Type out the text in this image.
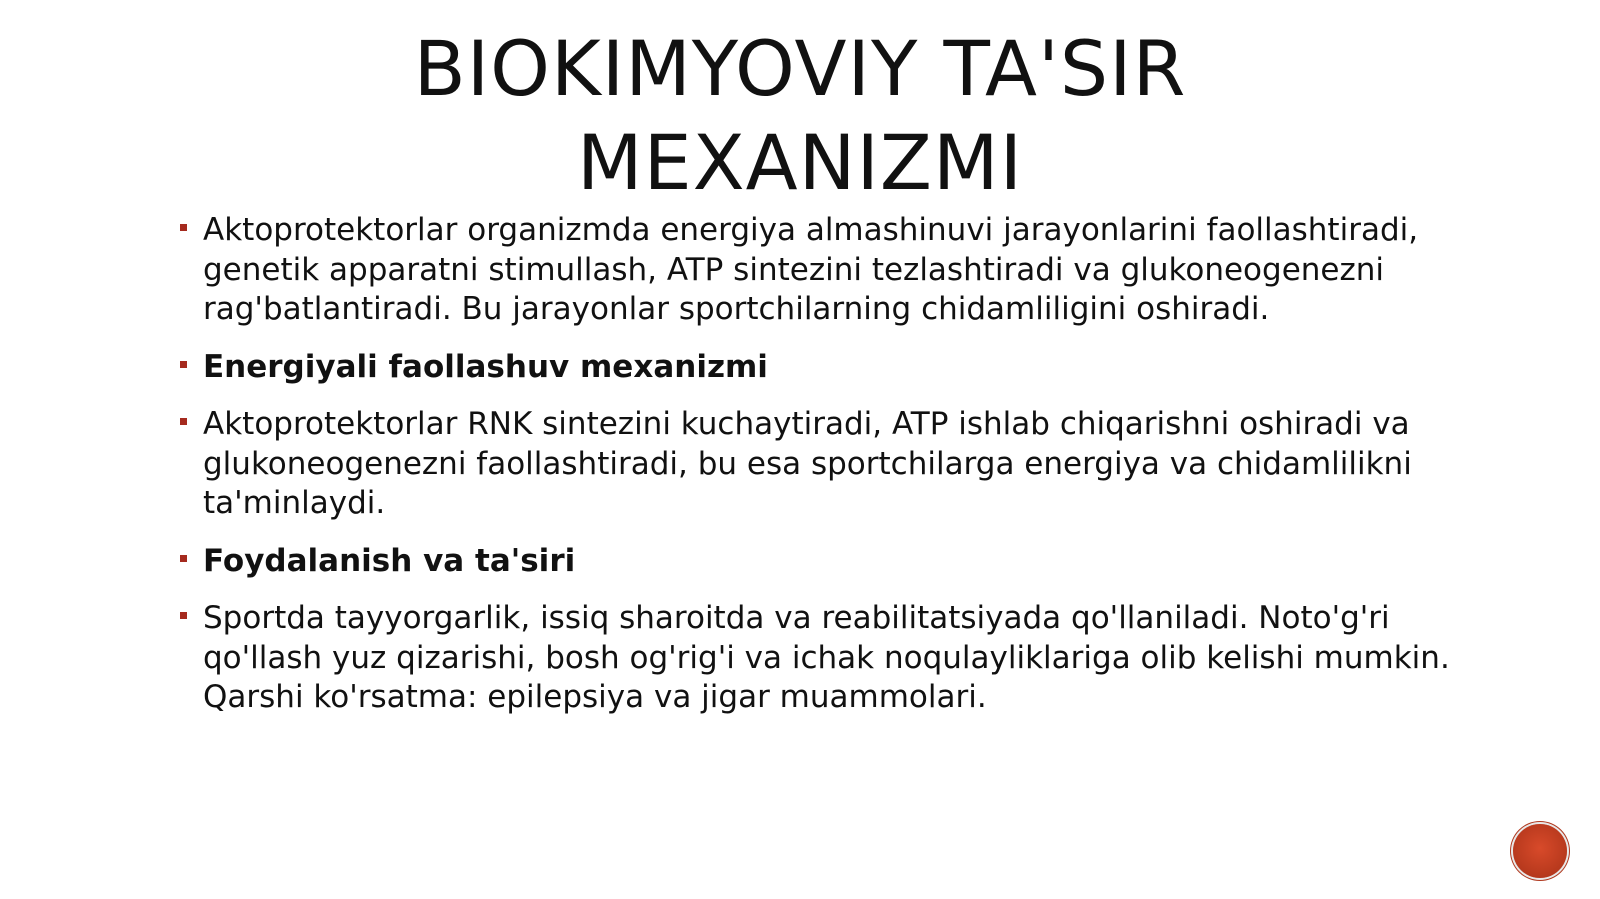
BIOKIMYOVIY TA'SIR
MEXANIZMI
Aktoprotektorlar organizmda energiya almashinuvi jarayonlarini faollashtiradi, genetik apparatni stimullash, ATP sintezini tezlashtiradi va glukoneogenezni rag'batlantiradi. Bu jarayonlar sportchilarning chidamliligini oshiradi.
Energiyali faollashuv mexanizmi
Aktoprotektorlar RNK sintezini kuchaytiradi, ATP ishlab chiqarishni oshiradi va glukoneogenezni faollashtiradi, bu esa sportchilarga energiya va chidamlilikni ta'minlaydi.
Foydalanish va ta'siri
Sportda tayyorgarlik, issiq sharoitda va reabilitatsiyada qo'llaniladi. Noto'g'ri qo'llash yuz qizarishi, bosh og'rig'i va ichak noqulayliklariga olib kelishi mumkin. Qarshi ko'rsatma: epilepsiya va jigar muammolari.
